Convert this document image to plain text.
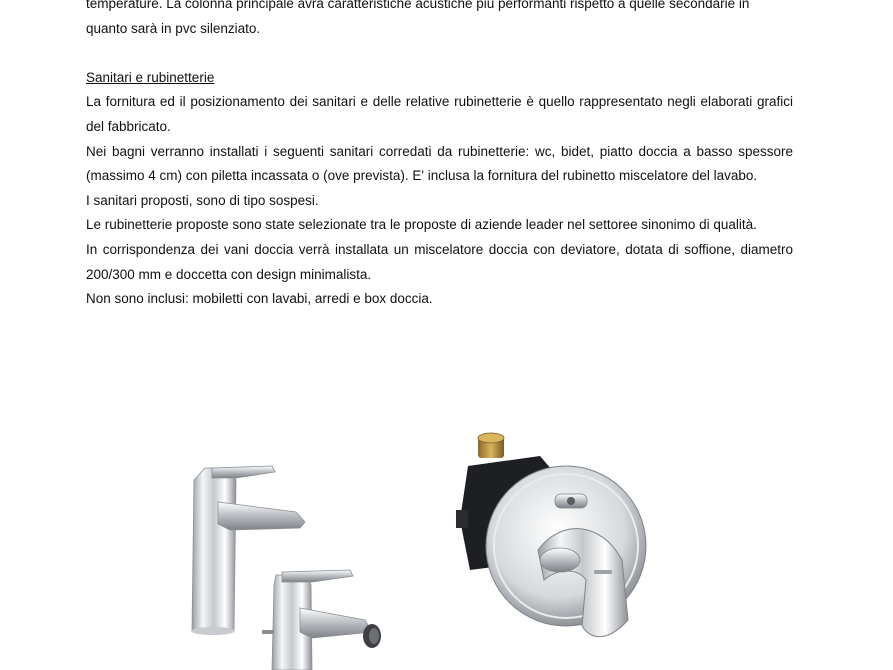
temperature. La colonna principale avrà caratteristiche acustiche più performanti rispetto a quelle secondarie in

quanto sarà in pvc silenziato.

Sanitari e rubinetterie

La fornitura ed il posizionamento dei sanitari e delle relative rubinetterie è quello rappresentato negli elaborati grafici del fabbricato.

Nei bagni verranno installati i seguenti sanitari corredati da rubinetterie: wc, bidet, piatto doccia a basso spessore (massimo 4 cm) con piletta incassata o (ove prevista). E' inclusa la fornitura del rubinetto miscelatore del lavabo.

I sanitari proposti, sono di tipo sospesi.

Le rubinetterie proposte sono state selezionate tra le proposte di aziende leader nel settoree sinonimo di qualità.

In corrispondenza dei vani doccia verrà installata un miscelatore doccia con deviatore, dotata di soffione, diametro 200/300 mm e doccetta con design minimalista.

Non sono inclusi: mobiletti con lavabi, arredi e box doccia.
